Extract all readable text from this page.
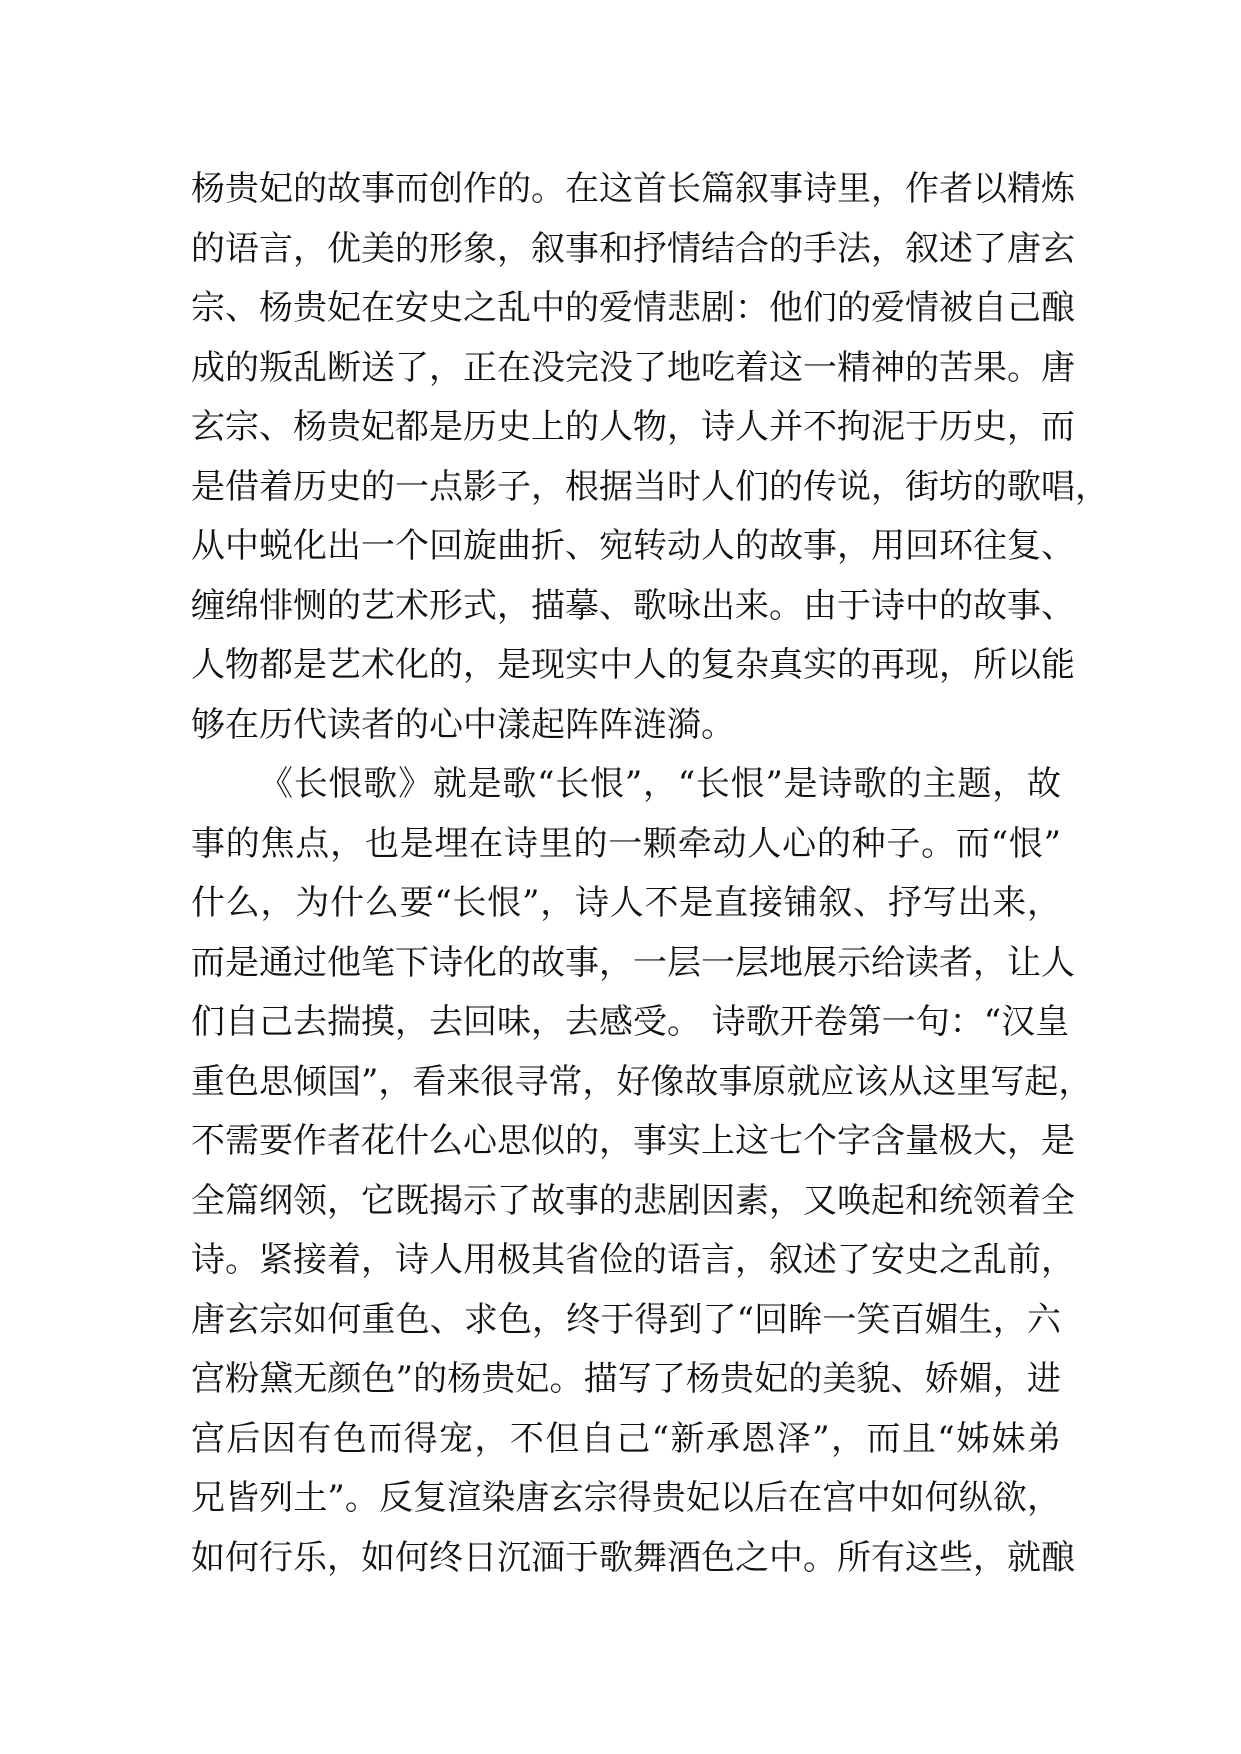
杨贵妃的故事而创作的。在这首长篇叙事诗里，作者以精炼
的语言，优美的形象，叙事和抒情结合的手法，叙述了唐玄
宗、杨贵妃在安史之乱中的爱情悲剧：他们的爱情被自己酿
成的叛乱断送了，正在没完没了地吃着这一精神的苦果。唐
玄宗、杨贵妃都是历史上的人物，诗人并不拘泥于历史，而
是借着历史的一点影子，根据当时人们的传说，街坊的歌唱，
从中蜕化出一个回旋曲折、宛转动人的故事，用回环往复、
缠绵悱恻的艺术形式，描摹、歌咏出来。由于诗中的故事、
人物都是艺术化的，是现实中人的复杂真实的再现，所以能
够在历代读者的心中漾起阵阵涟漪。
《长恨歌》就是歌“长恨”，“长恨”是诗歌的主题，故
事的焦点，也是埋在诗里的一颗牵动人心的种子。而“恨”
什么，为什么要“长恨”，诗人不是直接铺叙、抒写出来，
而是通过他笔下诗化的故事，一层一层地展示给读者，让人
们自己去揣摸，去回味，去感受。 诗歌开卷第一句：“汉皇
重色思倾国”，看来很寻常，好像故事原就应该从这里写起，
不需要作者花什么心思似的，事实上这七个字含量极大，是
全篇纲领，它既揭示了故事的悲剧因素，又唤起和统领着全
诗。紧接着，诗人用极其省俭的语言，叙述了安史之乱前，
唐玄宗如何重色、求色，终于得到了“回眸一笑百媚生，六
宫粉黛无颜色”的杨贵妃。描写了杨贵妃的美貌、娇媚，进
宫后因有色而得宠，不但自己“新承恩泽”，而且“姊妹弟
兄皆列土”。反复渲染唐玄宗得贵妃以后在宫中如何纵欲，
如何行乐，如何终日沉湎于歌舞酒色之中。所有这些，就酿
